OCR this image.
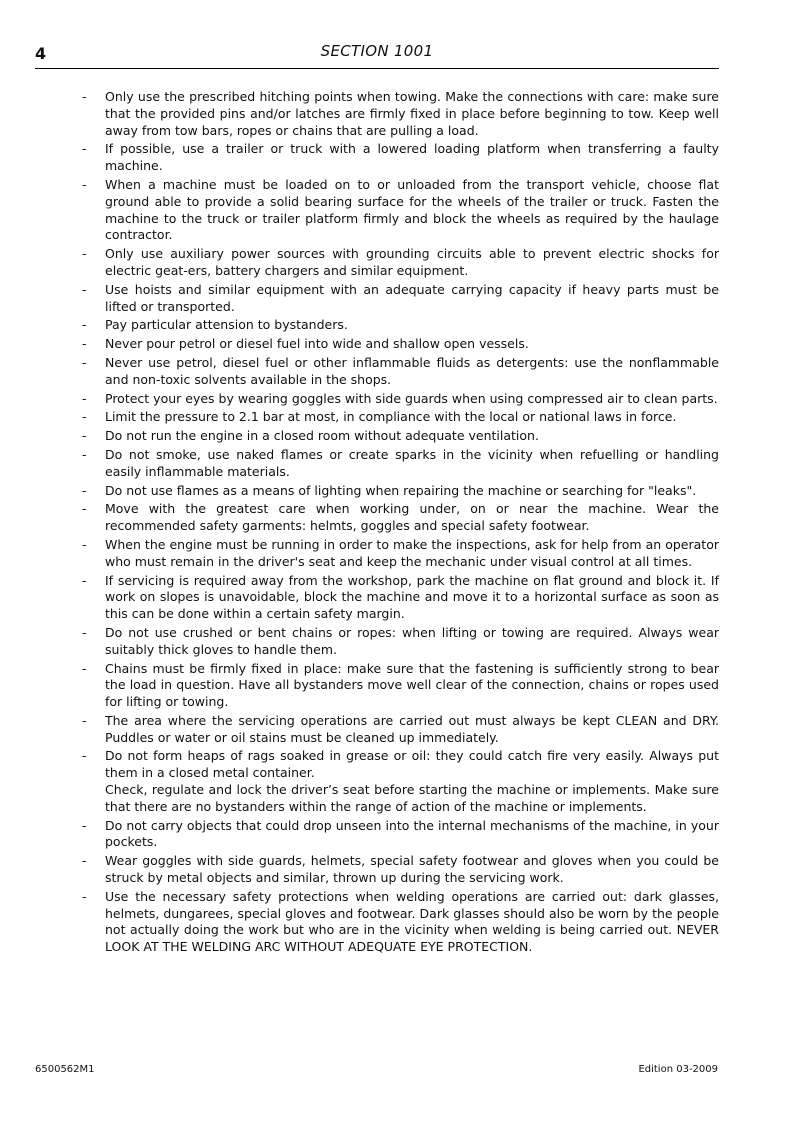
4	SECTION 1001
- Only use the prescribed hitching points when towing. Make the connections with care: make sure that the provided pins and/or latches are firmly fixed in place before beginning to tow. Keep well away from tow bars, ropes or chains that are pulling a load.
- If possible, use a trailer or truck with a lowered loading platform when transferring a faulty machine.
- When a machine must be loaded on to or unloaded from the transport vehicle, choose flat ground able to provide a solid bearing surface for the wheels of the trailer or truck. Fasten the machine to the truck or trailer platform firmly and block the wheels as required by the haulage contractor.
- Only use auxiliary power sources with grounding circuits able to prevent electric shocks for electric geat-ers, battery chargers and similar equipment.
- Use hoists and similar equipment with an adequate carrying capacity if heavy parts must be lifted or transported.
- Pay particular attension to bystanders.
- Never pour petrol or diesel fuel into wide and shallow open vessels.
- Never use petrol, diesel fuel or other inflammable fluids as detergents: use the nonflammable and non-toxic solvents available in the shops.
- Protect your eyes by wearing goggles with side guards when using compressed air to clean parts.
- Limit the pressure to 2.1 bar at most, in compliance with the local or national laws in force.
- Do not run the engine in a closed room without adequate ventilation.
- Do not smoke, use naked flames or create sparks in the vicinity when refuelling or handling easily inflammable materials.
- Do not use flames as a means of lighting when repairing the machine or searching for "leaks".
- Move with the greatest care when working under, on or near the machine. Wear the recommended safety garments: helmts, goggles and special safety footwear.
- When the engine must be running in order to make the inspections, ask for help from an operator who must remain in the driver's seat and keep the mechanic under visual control at all times.
- If servicing is required away from the workshop, park the machine on flat ground and block it. If work on slopes is unavoidable, block the machine and move it to a horizontal surface as soon as this can be done within a certain safety margin.
- Do not use crushed or bent chains or ropes: when lifting or towing are required. Always wear suitably thick gloves to handle them.
- Chains must be firmly fixed in place: make sure that the fastening is sufficiently strong to bear the load in question. Have all bystanders move well clear of the connection, chains or ropes used for lifting or towing.
- The area where the servicing operations are carried out must always be kept CLEAN and DRY. Puddles or water or oil stains must be cleaned up immediately.
- Do not form heaps of rags soaked in grease or oil: they could catch fire very easily. Always put them in a closed metal container.
Check, regulate and lock the driver’s seat before starting the machine or implements. Make sure that there are no bystanders within the range of action of the machine or implements.
- Do not carry objects that could drop unseen into the internal mechanisms of the machine, in your pockets.
- Wear goggles with side guards, helmets, special safety footwear and gloves when you could be struck by metal objects and similar, thrown up during the servicing work.
- Use the necessary safety protections when welding operations are carried out: dark glasses, helmets, dungarees, special gloves and footwear. Dark glasses should also be worn by the people not actually doing the work but who are in the vicinity when welding is being carried out. NEVER LOOK AT THE WELDING ARC WITHOUT ADEQUATE EYE PROTECTION.
6500562M1	Edition 03-2009
